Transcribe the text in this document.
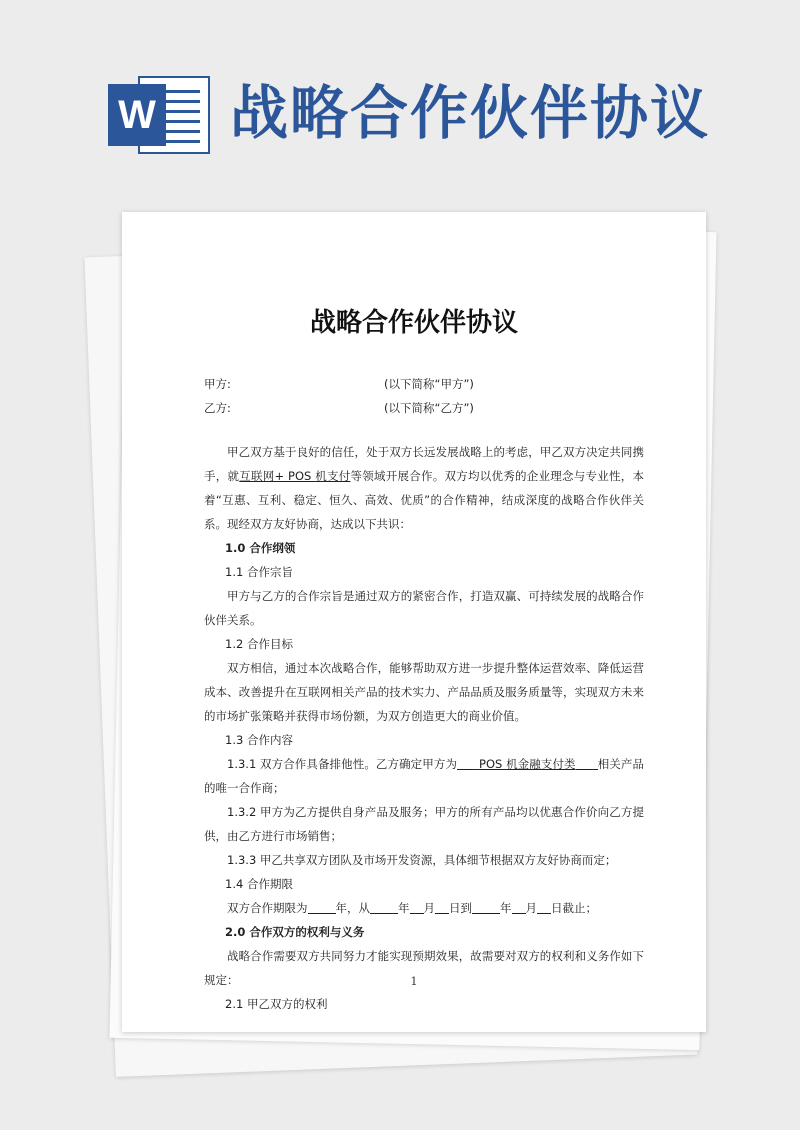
W 战略合作伙伴协议
战略合作伙伴协议
甲方:	(以下简称“甲方”)
乙方:	(以下简称“乙方”)
甲乙双方基于良好的信任，处于双方长远发展战略上的考虑，甲乙双方决定共同携手，就互联网+ POS 机支付等领域开展合作。双方均以优秀的企业理念与专业性，本着“互惠、互利、稳定、恒久、高效、优质”的合作精神，结成深度的战略合作伙伴关系。现经双方友好协商，达成以下共识：
1.0 合作纲领
1.1 合作宗旨
甲方与乙方的合作宗旨是通过双方的紧密合作，打造双赢、可持续发展的战略合作伙伴关系。
1.2 合作目标
双方相信，通过本次战略合作，能够帮助双方进一步提升整体运营效率、降低运营成本、改善提升在互联网相关产品的技术实力、产品品质及服务质量等，实现双方未来的市场扩张策略并获得市场份额，为双方创造更大的商业价值。
1.3 合作内容
1.3.1 双方合作具备排他性。乙方确定甲方为 POS 机金融支付类 相关产品的唯一合作商；
1.3.2 甲方为乙方提供自身产品及服务；甲方的所有产品均以优惠合作价向乙方提供，由乙方进行市场销售；
1.3.3 甲乙共享双方团队及市场开发资源，具体细节根据双方友好协商而定；
1.4 合作期限
双方合作期限为 年，从 年 月 日到 年 月 日截止；
2.0 合作双方的权利与义务
战略合作需要双方共同努力才能实现预期效果，故需要对双方的权利和义务作如下规定：
2.1 甲乙双方的权利
1
